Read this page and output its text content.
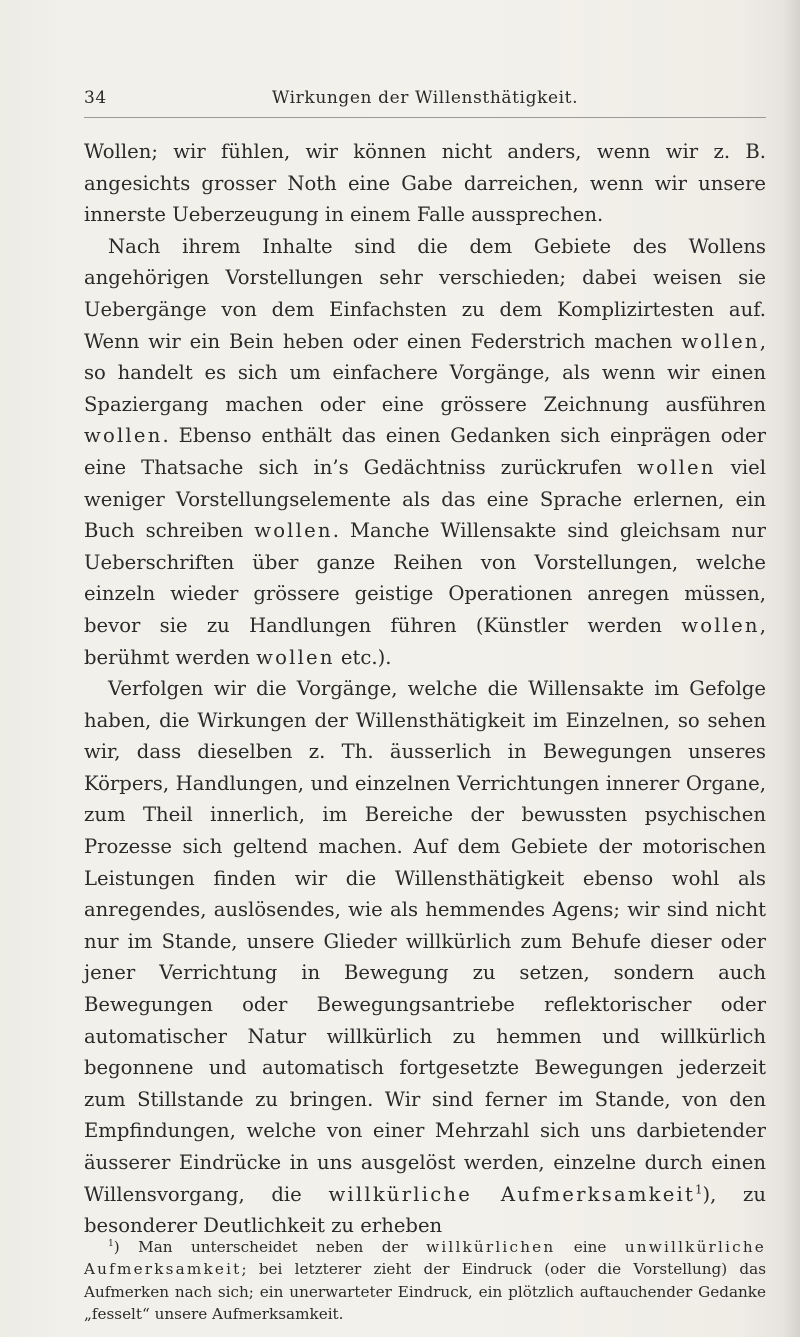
34	Wirkungen der Willensthätigkeit.

Wollen; wir fühlen, wir können nicht anders, wenn wir z. B. angesichts grosser Noth eine Gabe darreichen, wenn wir unsere innerste Ueberzeugung in einem Falle aussprechen.

Nach ihrem Inhalte sind die dem Gebiete des Wollens angehörigen Vorstellungen sehr verschieden; dabei weisen sie Uebergänge von dem Einfachsten zu dem Komplizirtesten auf. Wenn wir ein Bein heben oder einen Federstrich machen wollen, so handelt es sich um einfachere Vorgänge, als wenn wir einen Spaziergang machen oder eine grössere Zeichnung ausführen wollen. Ebenso enthält das einen Gedanken sich einprägen oder eine Thatsache sich in’s Gedächtniss zurückrufen wollen viel weniger Vorstellungselemente als das eine Sprache erlernen, ein Buch schreiben wollen. Manche Willensakte sind gleichsam nur Ueberschriften über ganze Reihen von Vorstellungen, welche einzeln wieder grössere geistige Operationen anregen müssen, bevor sie zu Handlungen führen (Künstler werden wollen, berühmt werden wollen etc.).

Verfolgen wir die Vorgänge, welche die Willensakte im Gefolge haben, die Wirkungen der Willensthätigkeit im Einzelnen, so sehen wir, dass dieselben z. Th. äusserlich in Bewegungen unseres Körpers, Handlungen, und einzelnen Verrichtungen innerer Organe, zum Theil innerlich, im Bereiche der bewussten psychischen Prozesse sich geltend machen. Auf dem Gebiete der motorischen Leistungen finden wir die Willensthätigkeit ebenso wohl als anregendes, auslösendes, wie als hemmendes Agens; wir sind nicht nur im Stande, unsere Glieder willkürlich zum Behufe dieser oder jener Verrichtung in Bewegung zu setzen, sondern auch Bewegungen oder Bewegungsantriebe reflektorischer oder automatischer Natur willkürlich zu hemmen und willkürlich begonnene und automatisch fortgesetzte Bewegungen jederzeit zum Stillstande zu bringen. Wir sind ferner im Stande, von den Empfindungen, welche von einer Mehrzahl sich uns darbietender äusserer Eindrücke in uns ausgelöst werden, einzelne durch einen Willensvorgang, die willkürliche Aufmerksamkeit$^1$), zu besonderer Deutlichkeit zu erheben

$^1$) Man unterscheidet neben der willkürlichen eine unwillkürliche Aufmerksamkeit; bei letzterer zieht der Eindruck (oder die Vorstellung) das Aufmerken nach sich; ein unerwarteter Eindruck, ein plötzlich auftauchender Gedanke „fesselt“ unsere Aufmerksamkeit.
